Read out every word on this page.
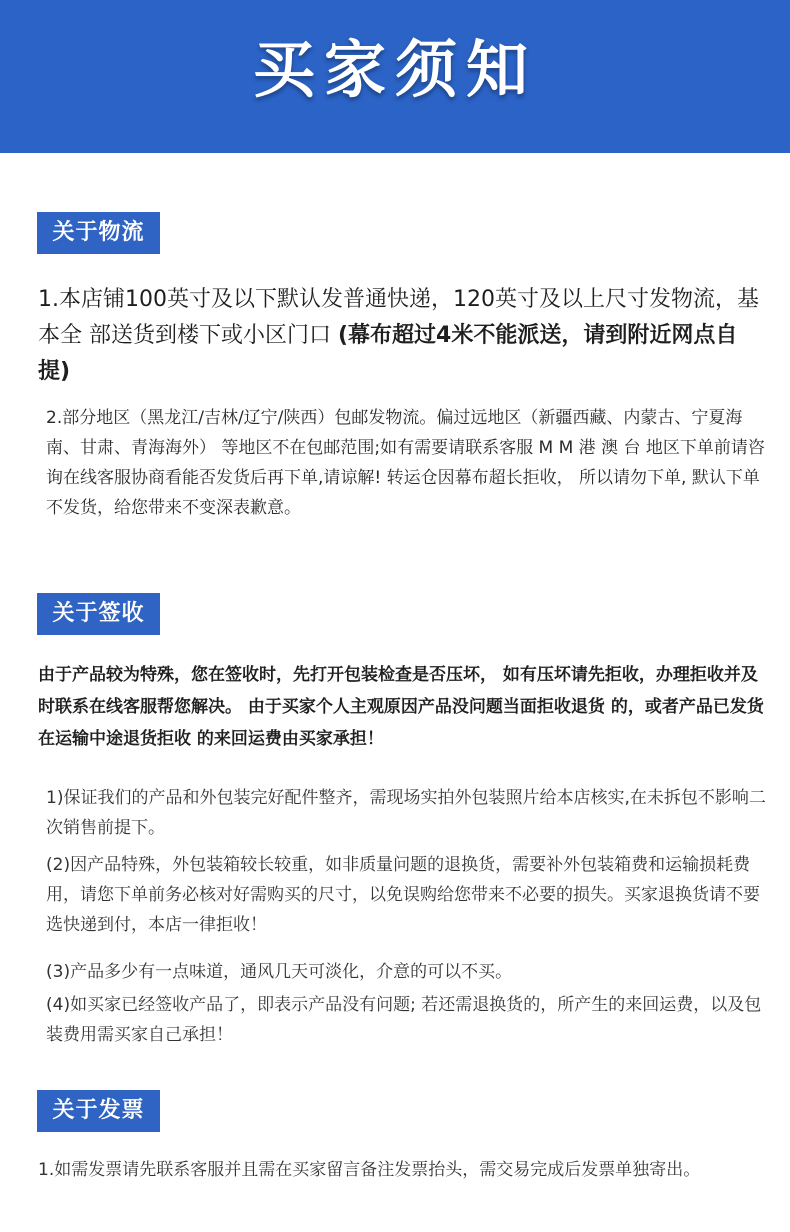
买家须知
关于物流

1.本店铺100英寸及以下默认发普通快递，120英寸及以上尺寸发物流，基本全 部送货到楼下或小区门口 (幕布超过4米不能派送，请到附近网点自提)

2.部分地区（黑龙江/吉林/辽宁/陕西）包邮发物流。偏过远地区（新疆西藏、内蒙古、宁夏海南、甘肃、青海海外） 等地区不在包邮范围;如有需要请联系客服 M M 港 澳 台 地区下单前请咨询在线客服协商看能否发货后再下单,请谅解! 转运仓因幕布超长拒收， 所以请勿下单, 默认下单不发货，给您带来不变深表歉意。

关于签收

由于产品较为特殊，您在签收时，先打开包装检查是否压坏， 如有压坏请先拒收，办理拒收并及时联系在线客服帮您解决。 由于买家个人主观原因产品没问题当面拒收退货 的，或者产品已发货在运输中途退货拒收 的来回运费由买家承担！

1)保证我们的产品和外包装完好配件整齐，需现场实拍外包装照片给本店核实,在未拆包不影响二次销售前提下。

(2)因产品特殊，外包装箱较长较重，如非质量问题的退换货，需要补外包装箱费和运输损耗费用，请您下单前务必核对好需购买的尺寸，以免误购给您带来不必要的损失。买家退换货请不要选快递到付，本店一律拒收！

(3)产品多少有一点味道，通风几天可淡化，介意的可以不买。

(4)如买家已经签收产品了，即表示产品没有问题; 若还需退换货的，所产生的来回运费，以及包装费用需买家自己承担！

关于发票

1.如需发票请先联系客服并且需在买家留言备注发票抬头，需交易完成后发票单独寄出。
